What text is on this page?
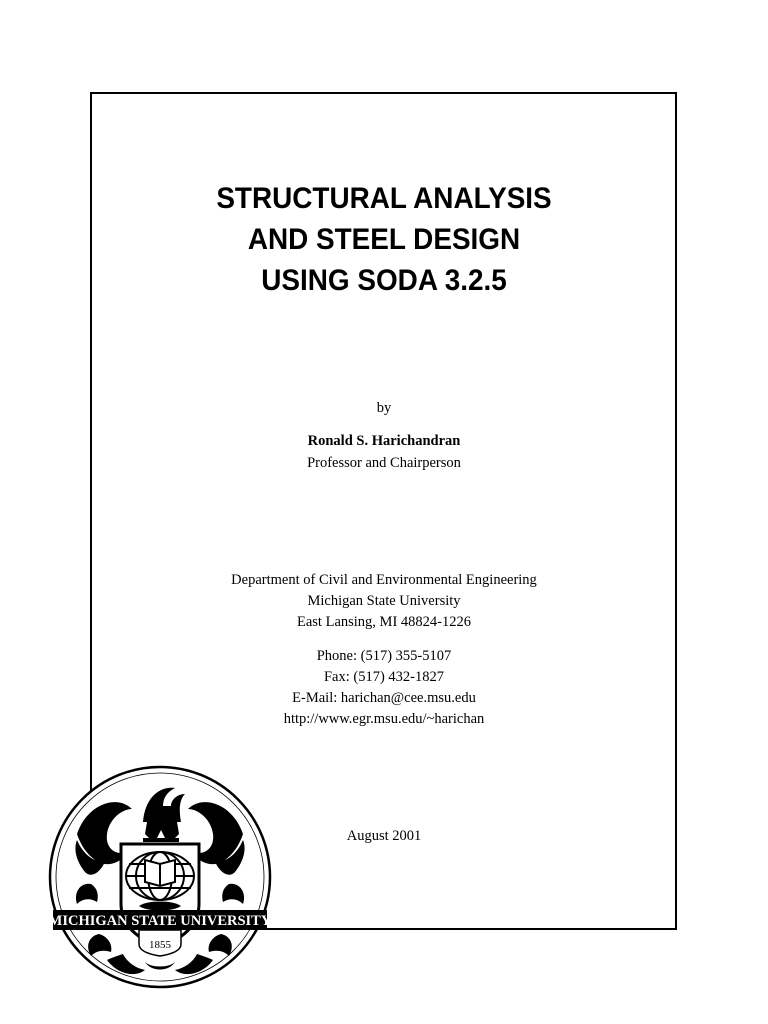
STRUCTURAL ANALYSIS
AND STEEL DESIGN
USING SODA 3.2.5
by
Ronald S. Harichandran
Professor and Chairperson
Department of Civil and Environmental Engineering
Michigan State University
East Lansing, MI 48824-1226
Phone: (517) 355-5107
Fax: (517) 432-1827
E-Mail: harichan@cee.msu.edu
http://www.egr.msu.edu/~harichan
August 2001
MICHIGAN STATE UNIVERSITY
1855
